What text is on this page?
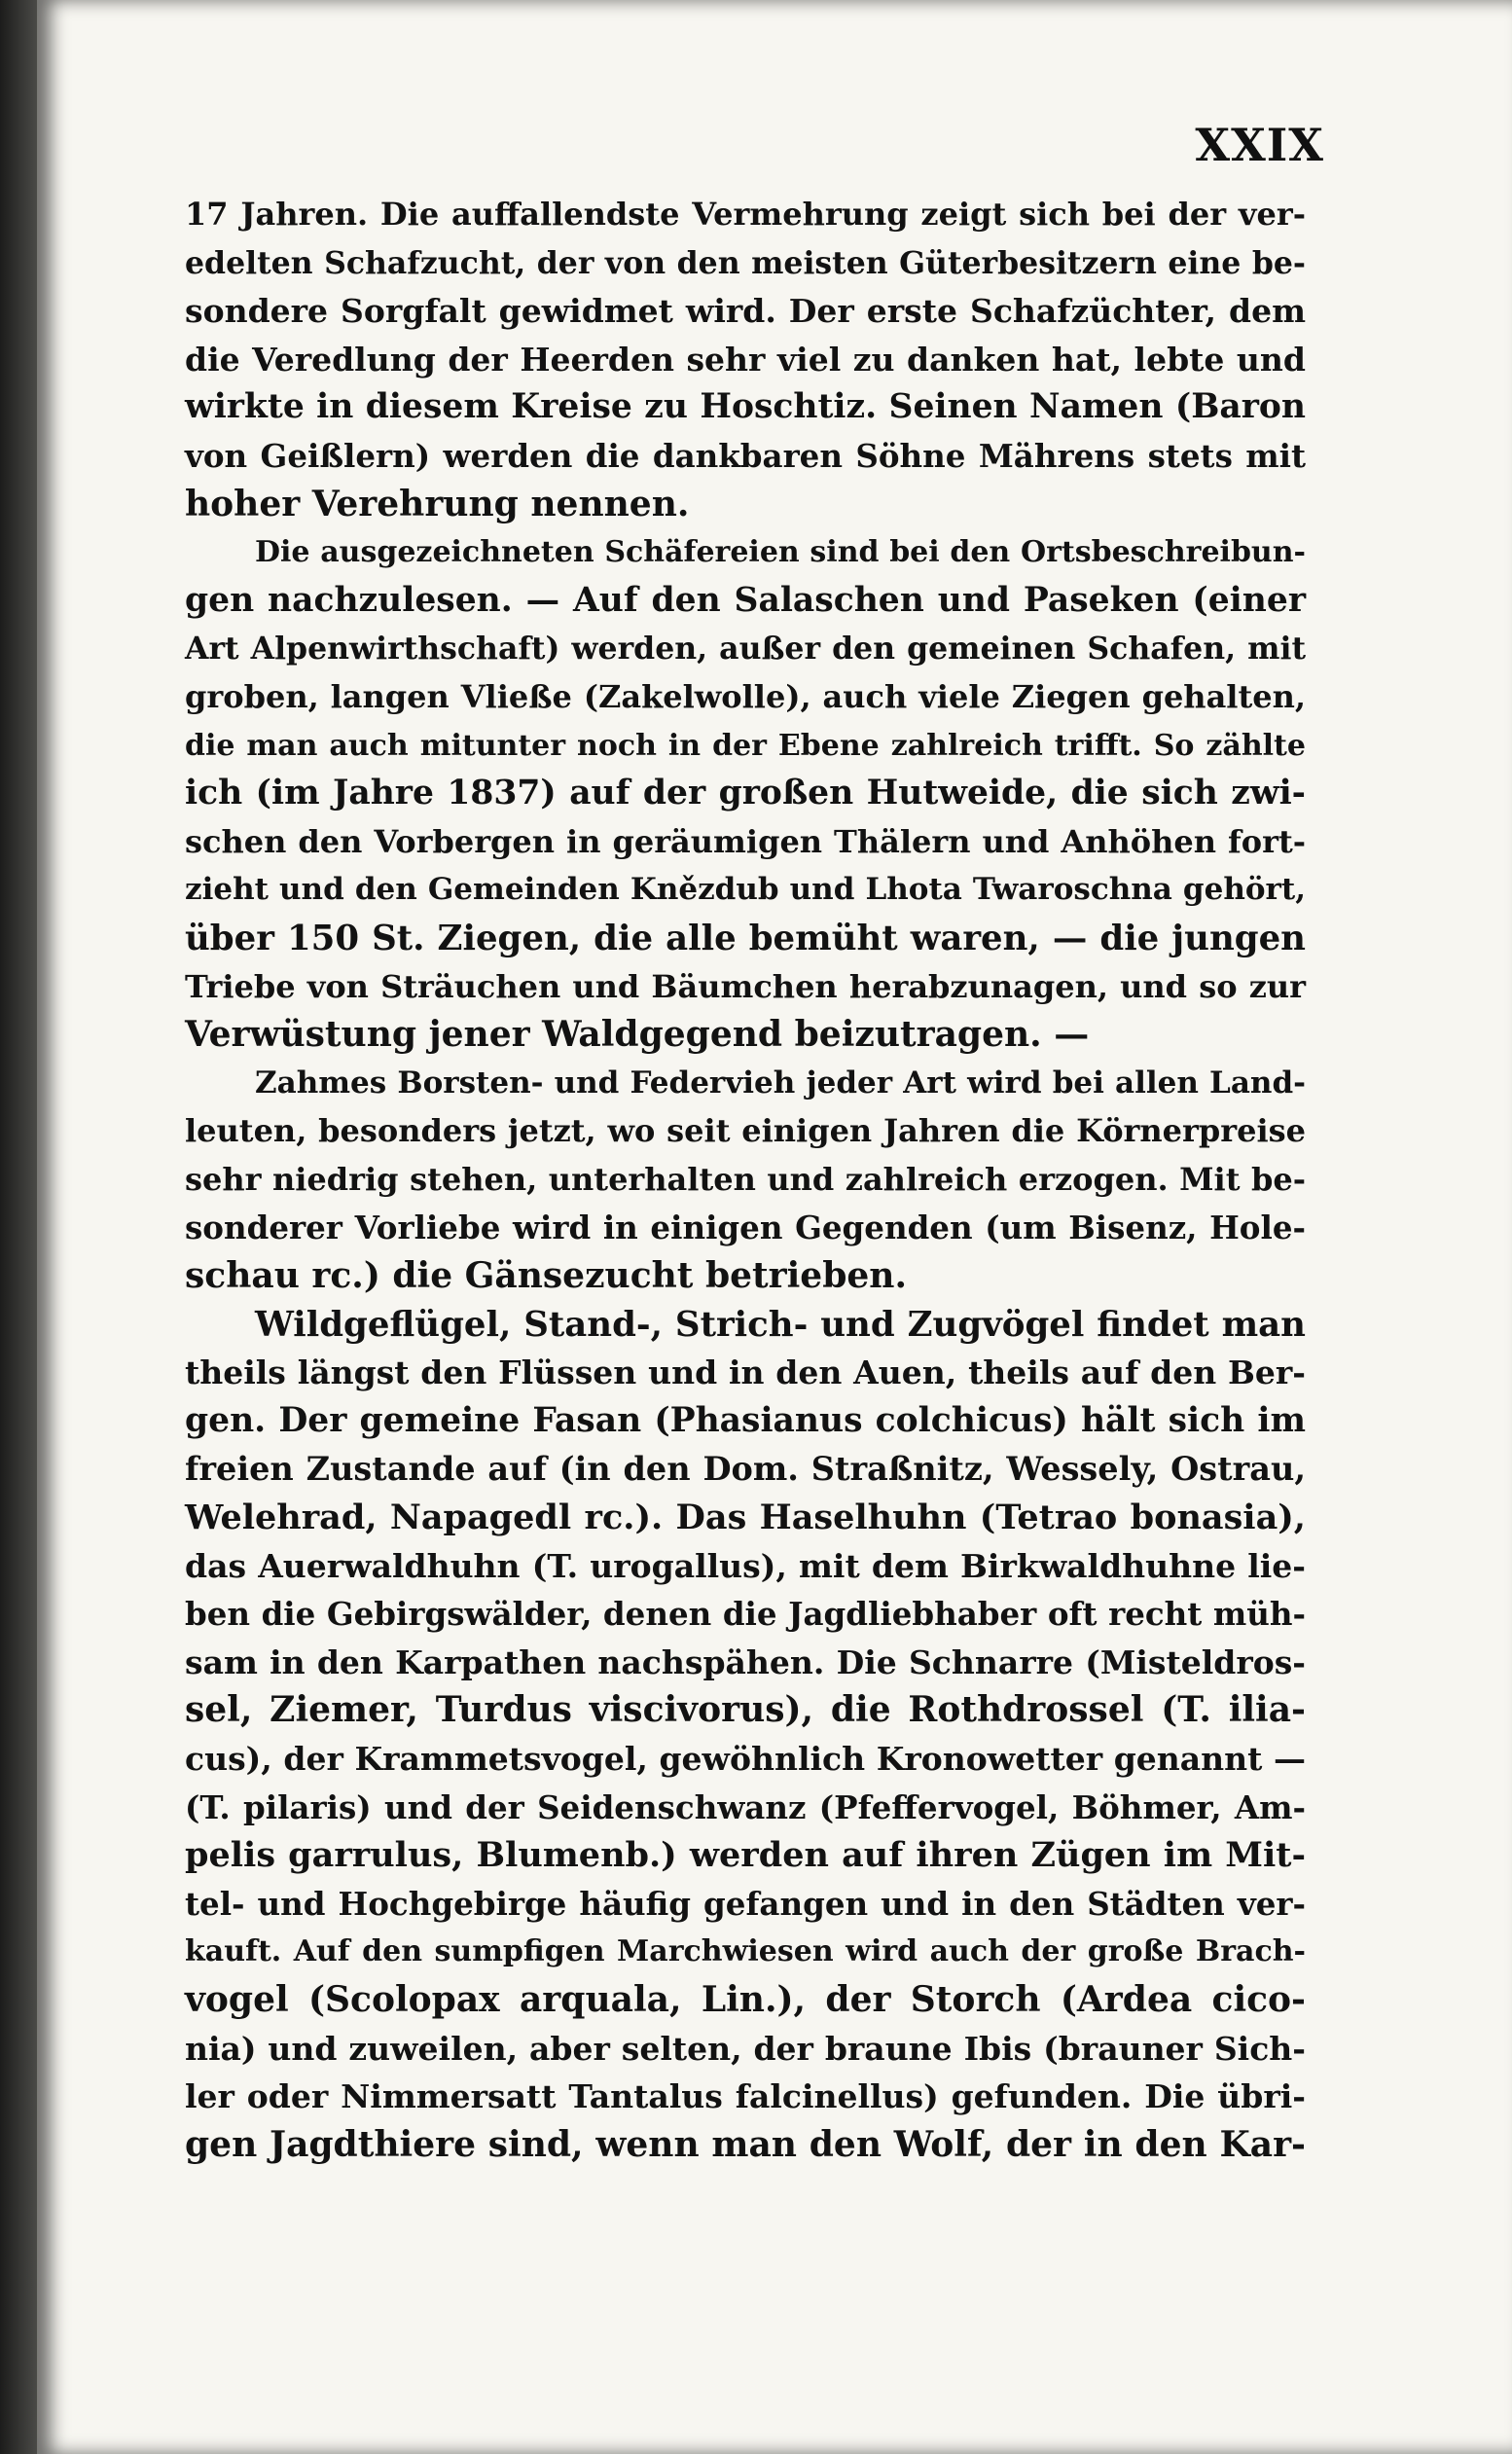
XXIX
17 Jahren. Die auffallendste Vermehrung zeigt sich bei der ver-
edelten Schafzucht, der von den meisten Güterbesitzern eine be-
sondere Sorgfalt gewidmet wird. Der erste Schafzüchter, dem
die Veredlung der Heerden sehr viel zu danken hat, lebte und
wirkte in diesem Kreise zu Hoschtiz. Seinen Namen (Baron
von Geißlern) werden die dankbaren Söhne Mährens stets mit
hoher Verehrung nennen.
Die ausgezeichneten Schäfereien sind bei den Ortsbeschreibun-
gen nachzulesen. — Auf den Salaschen und Paseken (einer
Art Alpenwirthschaft) werden, außer den gemeinen Schafen, mit
groben, langen Vließe (Zakelwolle), auch viele Ziegen gehalten,
die man auch mitunter noch in der Ebene zahlreich trifft. So zählte
ich (im Jahre 1837) auf der großen Hutweide, die sich zwi-
schen den Vorbergen in geräumigen Thälern und Anhöhen fort-
zieht und den Gemeinden Knězdub und Lhota Twaroschna gehört,
über 150 St. Ziegen, die alle bemüht waren, — die jungen
Triebe von Sträuchen und Bäumchen herabzunagen, und so zur
Verwüstung jener Waldgegend beizutragen. —
Zahmes Borsten- und Federvieh jeder Art wird bei allen Land-
leuten, besonders jetzt, wo seit einigen Jahren die Körnerpreise
sehr niedrig stehen, unterhalten und zahlreich erzogen. Mit be-
sonderer Vorliebe wird in einigen Gegenden (um Bisenz, Hole-
schau rc.) die Gänsezucht betrieben.
Wildgeflügel, Stand-, Strich- und Zugvögel findet man
theils längst den Flüssen und in den Auen, theils auf den Ber-
gen. Der gemeine Fasan (Phasianus colchicus) hält sich im
freien Zustande auf (in den Dom. Straßnitz, Wessely, Ostrau,
Welehrad, Napagedl rc.). Das Haselhuhn (Tetrao bonasia),
das Auerwaldhuhn (T. urogallus), mit dem Birkwaldhuhne lie-
ben die Gebirgswälder, denen die Jagdliebhaber oft recht müh-
sam in den Karpathen nachspähen. Die Schnarre (Misteldros-
sel, Ziemer, Turdus viscivorus), die Rothdrossel (T. ilia-
cus), der Krammetsvogel, gewöhnlich Kronowetter genannt —
(T. pilaris) und der Seidenschwanz (Pfeffervogel, Böhmer, Am-
pelis garrulus, Blumenb.) werden auf ihren Zügen im Mit-
tel- und Hochgebirge häufig gefangen und in den Städten ver-
kauft. Auf den sumpfigen Marchwiesen wird auch der große Brach-
vogel (Scolopax arquala, Lin.), der Storch (Ardea cico-
nia) und zuweilen, aber selten, der braune Ibis (brauner Sich-
ler oder Nimmersatt Tantalus falcinellus) gefunden. Die übri-
gen Jagdthiere sind, wenn man den Wolf, der in den Kar-
